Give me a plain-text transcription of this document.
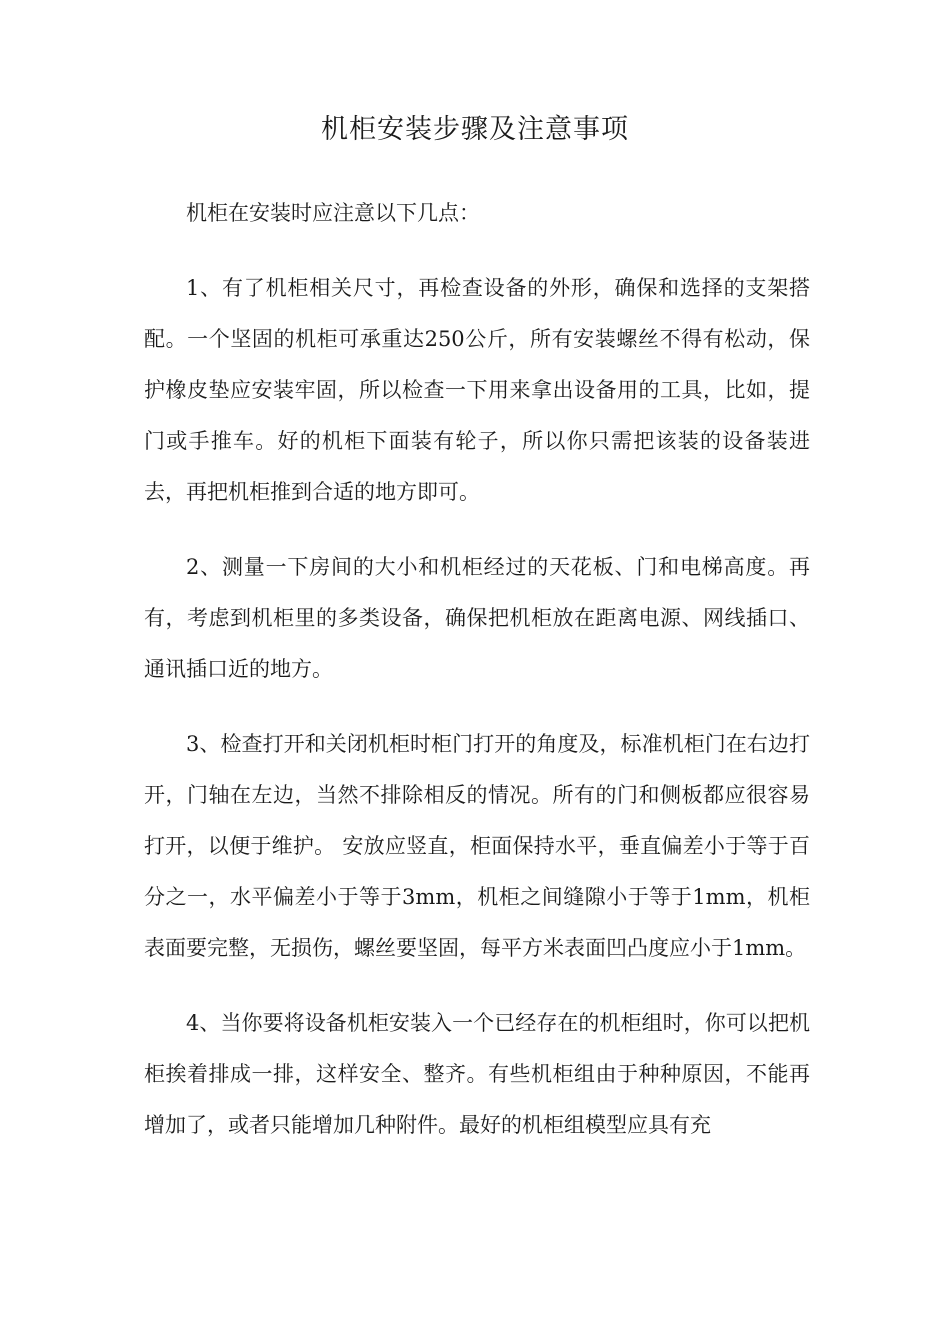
机柜安装步骤及注意事项

机柜在安装时应注意以下几点：

1、有了机柜相关尺寸，再检查设备的外形，确保和选择的支架搭配。一个坚固的机柜可承重达250公斤，所有安装螺丝不得有松动，保护橡皮垫应安装牢固，所以检查一下用来拿出设备用的工具，比如，提门或手推车。好的机柜下面装有轮子，所以你只需把该装的设备装进去，再把机柜推到合适的地方即可。

2、测量一下房间的大小和机柜经过的天花板、门和电梯高度。再有，考虑到机柜里的多类设备，确保把机柜放在距离电源、网线插口、通讯插口近的地方。

3、检查打开和关闭机柜时柜门打开的角度及，标准机柜门在右边打开，门轴在左边，当然不排除相反的情况。所有的门和侧板都应很容易打开，以便于维护。 安放应竖直，柜面保持水平，垂直偏差小于等于百分之一，水平偏差小于等于3mm，机柜之间缝隙小于等于1mm，机柜表面要完整，无损伤，螺丝要坚固，每平方米表面凹凸度应小于1mm。

4、当你要将设备机柜安装入一个已经存在的机柜组时，你可以把机柜挨着排成一排，这样安全、整齐。有些机柜组由于种种原因，不能再增加了，或者只能增加几种附件。最好的机柜组模型应具有充
